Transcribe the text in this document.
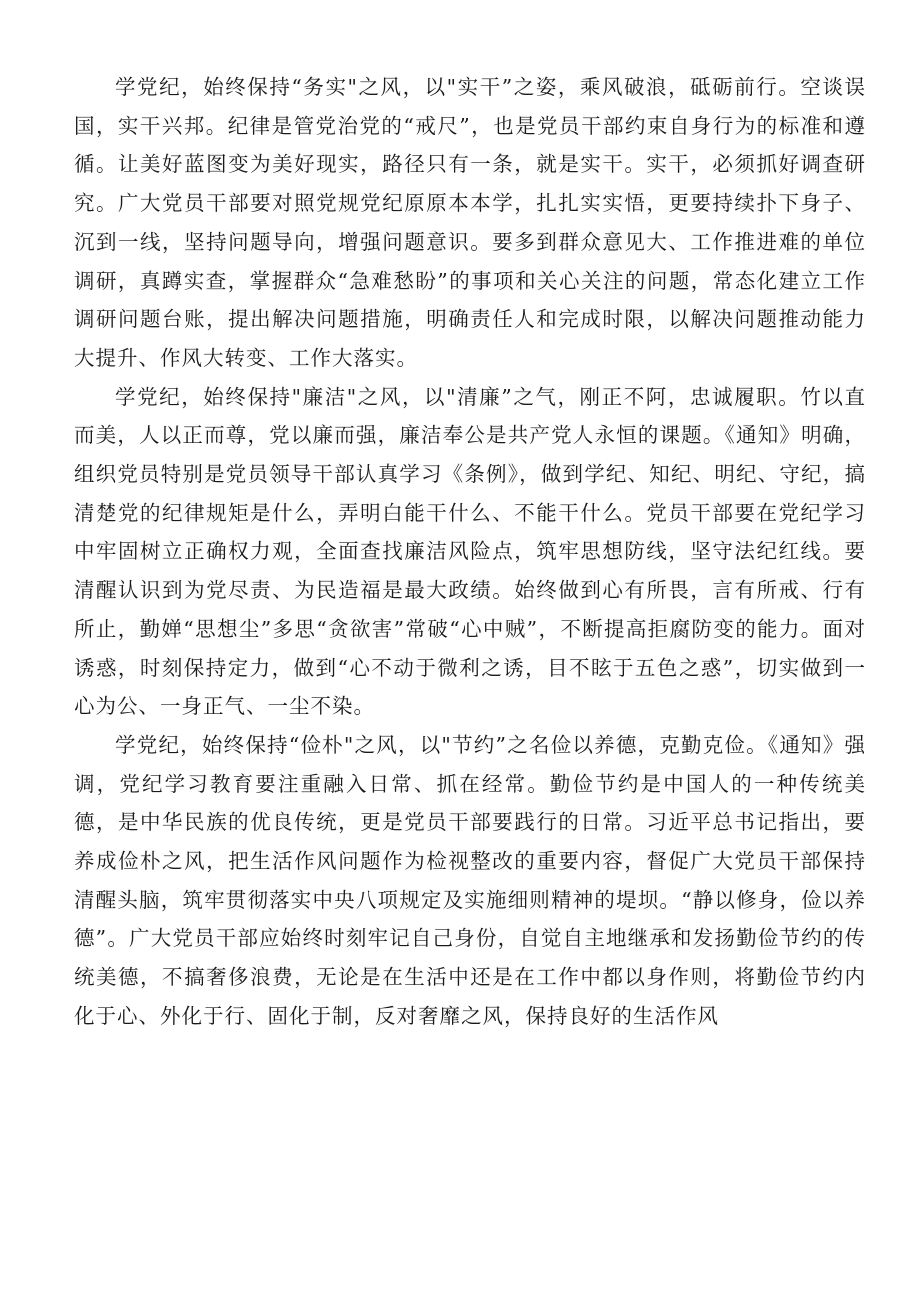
学党纪，始终保持“务实"之风，以"实干”之姿，乘风破浪，砥砺前行。空谈误国，实干兴邦。纪律是管党治党的“戒尺”，也是党员干部约束自身行为的标准和遵循。让美好蓝图变为美好现实，路径只有一条，就是实干。实干，必须抓好调查研究。广大党员干部要对照党规党纪原原本本学，扎扎实实悟，更要持续扑下身子、沉到一线，坚持问题导向，增强问题意识。要多到群众意见大、工作推进难的单位调研，真蹲实查，掌握群众“急难愁盼”的事项和关心关注的问题，常态化建立工作调研问题台账，提出解决问题措施，明确责任人和完成时限，以解决问题推动能力大提升、作风大转变、工作大落实。

学党纪，始终保持"廉洁"之风，以"清廉”之气，刚正不阿，忠诚履职。竹以直而美，人以正而尊，党以廉而强，廉洁奉公是共产党人永恒的课题。《通知》明确，组织党员特别是党员领导干部认真学习《条例》，做到学纪、知纪、明纪、守纪，搞清楚党的纪律规矩是什么，弄明白能干什么、不能干什么。党员干部要在党纪学习中牢固树立正确权力观，全面查找廉洁风险点，筑牢思想防线，坚守法纪红线。要清醒认识到为党尽责、为民造福是最大政绩。始终做到心有所畏，言有所戒、行有所止，勤婵“思想尘”多思“贪欲害”常破“心中贼”，不断提高拒腐防变的能力。面对诱惑，时刻保持定力，做到“心不动于微利之诱，目不眩于五色之惑”，切实做到一心为公、一身正气、一尘不染。

学党纪，始终保持“俭朴"之风，以"节约”之名俭以养德，克勤克俭。《通知》强调，党纪学习教育要注重融入日常、抓在经常。勤俭节约是中国人的一种传统美德，是中华民族的优良传统，更是党员干部要践行的日常。习近平总书记指出，要养成俭朴之风，把生活作风问题作为检视整改的重要内容，督促广大党员干部保持清醒头脑，筑牢贯彻落实中央八项规定及实施细则精神的堤坝。“静以修身，俭以养德”。广大党员干部应始终时刻牢记自己身份，自觉自主地继承和发扬勤俭节约的传统美德，不搞奢侈浪费，无论是在生活中还是在工作中都以身作则，将勤俭节约内化于心、外化于行、固化于制，反对奢靡之风，保持良好的生活作风
